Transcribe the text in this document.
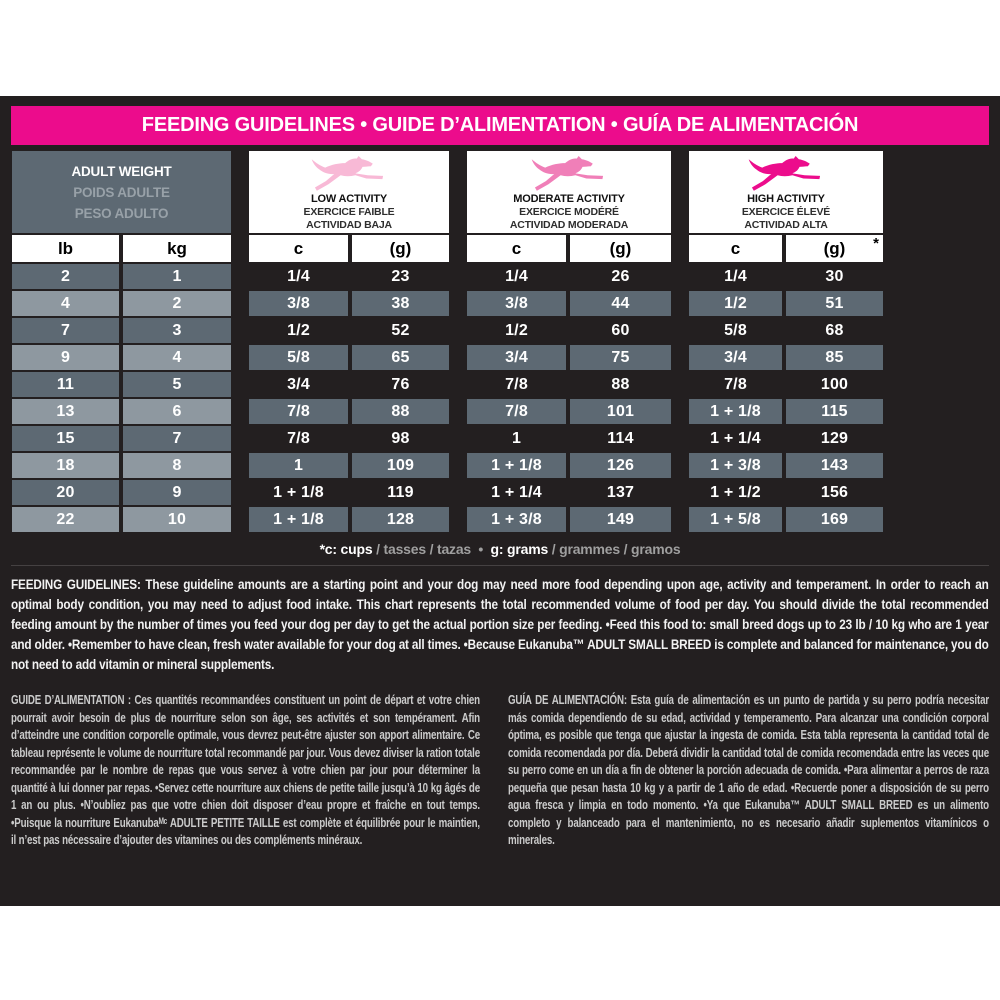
FEEDING GUIDELINES • GUIDE D’ALIMENTATION • GUÍA DE ALIMENTACIÓN
ADULT WEIGHT
POIDS ADULTE
PESO ADULTO
LOW ACTIVITY
EXERCICE FAIBLE
ACTIVIDAD BAJA
MODERATE ACTIVITY
EXERCICE MODÉRÉ
ACTIVIDAD MODERADA
HIGH ACTIVITY
EXERCICE ÉLEVÉ
ACTIVIDAD ALTA
lb	kg	c	(g)	c	(g)	c	(g) *
2	1	1/4	23	1/4	26	1/4	30
4	2	3/8	38	3/8	44	1/2	51
7	3	1/2	52	1/2	60	5/8	68
9	4	5/8	65	3/4	75	3/4	85
11	5	3/4	76	7/8	88	7/8	100
13	6	7/8	88	7/8	101	1 + 1/8	115
15	7	7/8	98	1	114	1 + 1/4	129
18	8	1	109	1 + 1/8	126	1 + 3/8	143
20	9	1 + 1/8	119	1 + 1/4	137	1 + 1/2	156
22	10	1 + 1/8	128	1 + 3/8	149	1 + 5/8	169
*c: cups / tasses / tazas • g: grams / grammes / gramos

FEEDING GUIDELINES: These guideline amounts are a starting point and your dog may need more food depending upon age, activity and temperament. In order to reach an optimal body condition, you may need to adjust food intake. This chart represents the total recommended volume of food per day. You should divide the total recommended feeding amount by the number of times you feed your dog per day to get the actual portion size per feeding. •Feed this food to: small breed dogs up to 23 lb / 10 kg who are 1 year and older. •Remember to have clean, fresh water available for your dog at all times. •Because Eukanuba™ ADULT SMALL BREED is complete and balanced for maintenance, you do not need to add vitamin or mineral supplements.

GUIDE D’ALIMENTATION : Ces quantités recommandées constituent un point de départ et votre chien pourrait avoir besoin de plus de nourriture selon son âge, ses activités et son tempérament. Afin d’atteindre une condition corporelle optimale, vous devrez peut-être ajuster son apport alimentaire. Ce tableau représente le volume de nourriture total recommandé par jour. Vous devez diviser la ration totale recommandée par le nombre de repas que vous servez à votre chien par jour pour déterminer la quantité à lui donner par repas. •Servez cette nourriture aux chiens de petite taille jusqu’à 10 kg âgés de 1 an ou plus. •N’oubliez pas que votre chien doit disposer d’eau propre et fraîche en tout temps. •Puisque la nourriture Eukanubaᴹᶜ ADULTE PETITE TAILLE est complète et équilibrée pour le maintien, il n’est pas nécessaire d’ajouter des vitamines ou des compléments minéraux.

GUÍA DE ALIMENTACIÓN: Esta guía de alimentación es un punto de partida y su perro podría necesitar más comida dependiendo de su edad, actividad y temperamento. Para alcanzar una condición corporal óptima, es posible que tenga que ajustar la ingesta de comida. Esta tabla representa la cantidad total de comida recomendada por día. Deberá dividir la cantidad total de comida recomendada entre las veces que su perro come en un día a fin de obtener la porción adecuada de comida. •Para alimentar a perros de raza pequeña que pesan hasta 10 kg y a partir de 1 año de edad. •Recuerde poner a disposición de su perro agua fresca y limpia en todo momento. •Ya que Eukanuba™ ADULT SMALL BREED es un alimento completo y balanceado para el mantenimiento, no es necesario añadir suplementos vitamínicos o minerales.
